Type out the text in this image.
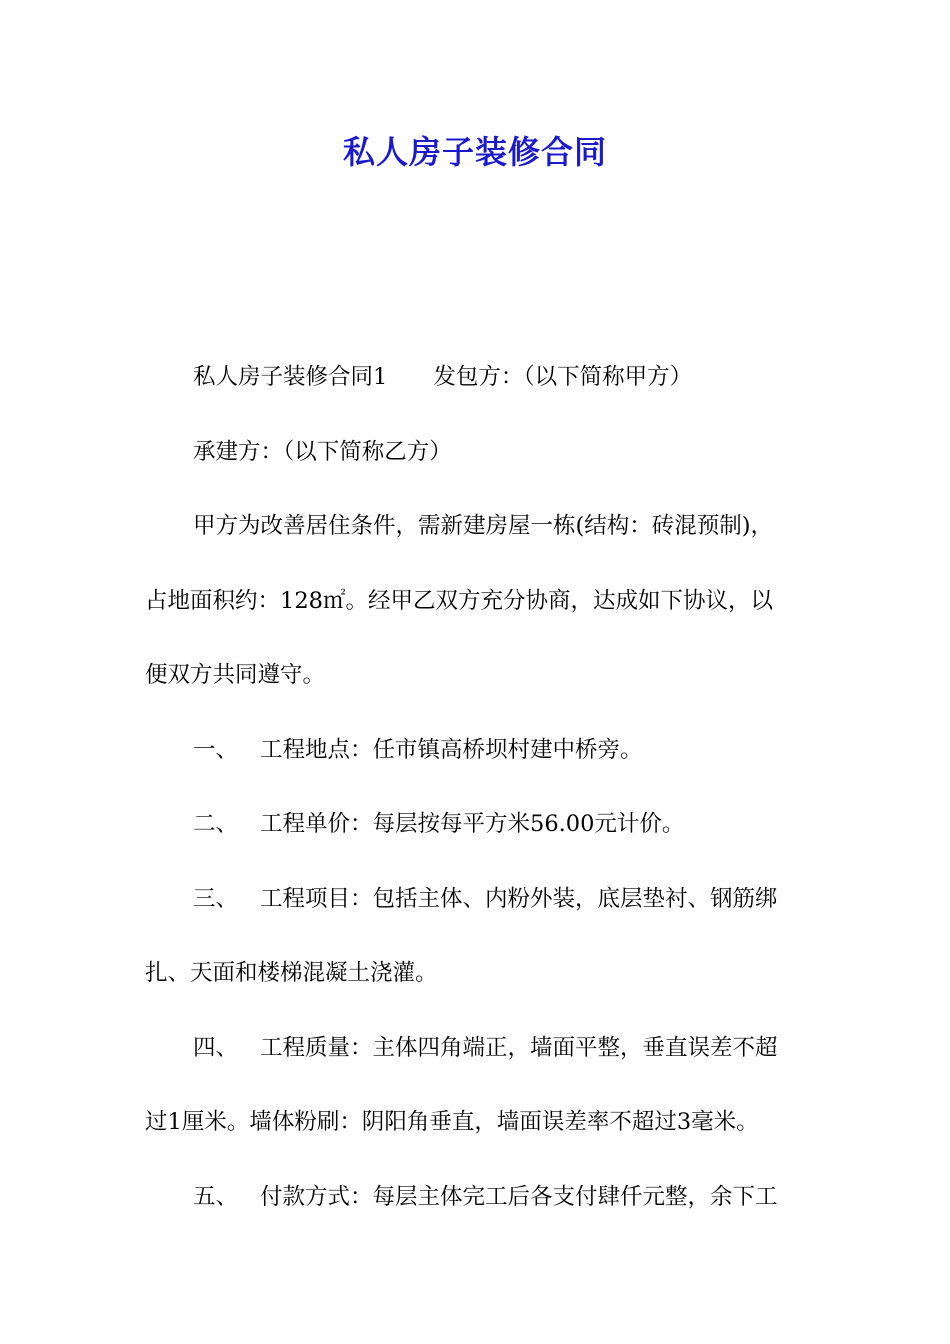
私人房子装修合同
私人房子装修合同1 发包方：（以下简称甲方）
承建方：（以下简称乙方）
甲方为改善居住条件，需新建房屋一栋(结构：砖混预制)，
占地面积约：128㎡。经甲乙双方充分协商，达成如下协议，以
便双方共同遵守。
一、 工程地点：任市镇高桥坝村建中桥旁。
二、 工程单价：每层按每平方米56.00元计价。
三、 工程项目：包括主体、内粉外装，底层垫衬、钢筋绑
扎、天面和楼梯混凝土浇灌。
四、 工程质量：主体四角端正，墙面平整，垂直误差不超
过1厘米。墙体粉刷：阴阳角垂直，墙面误差率不超过3毫米。
五、 付款方式：每层主体完工后各支付肆仟元整，余下工
